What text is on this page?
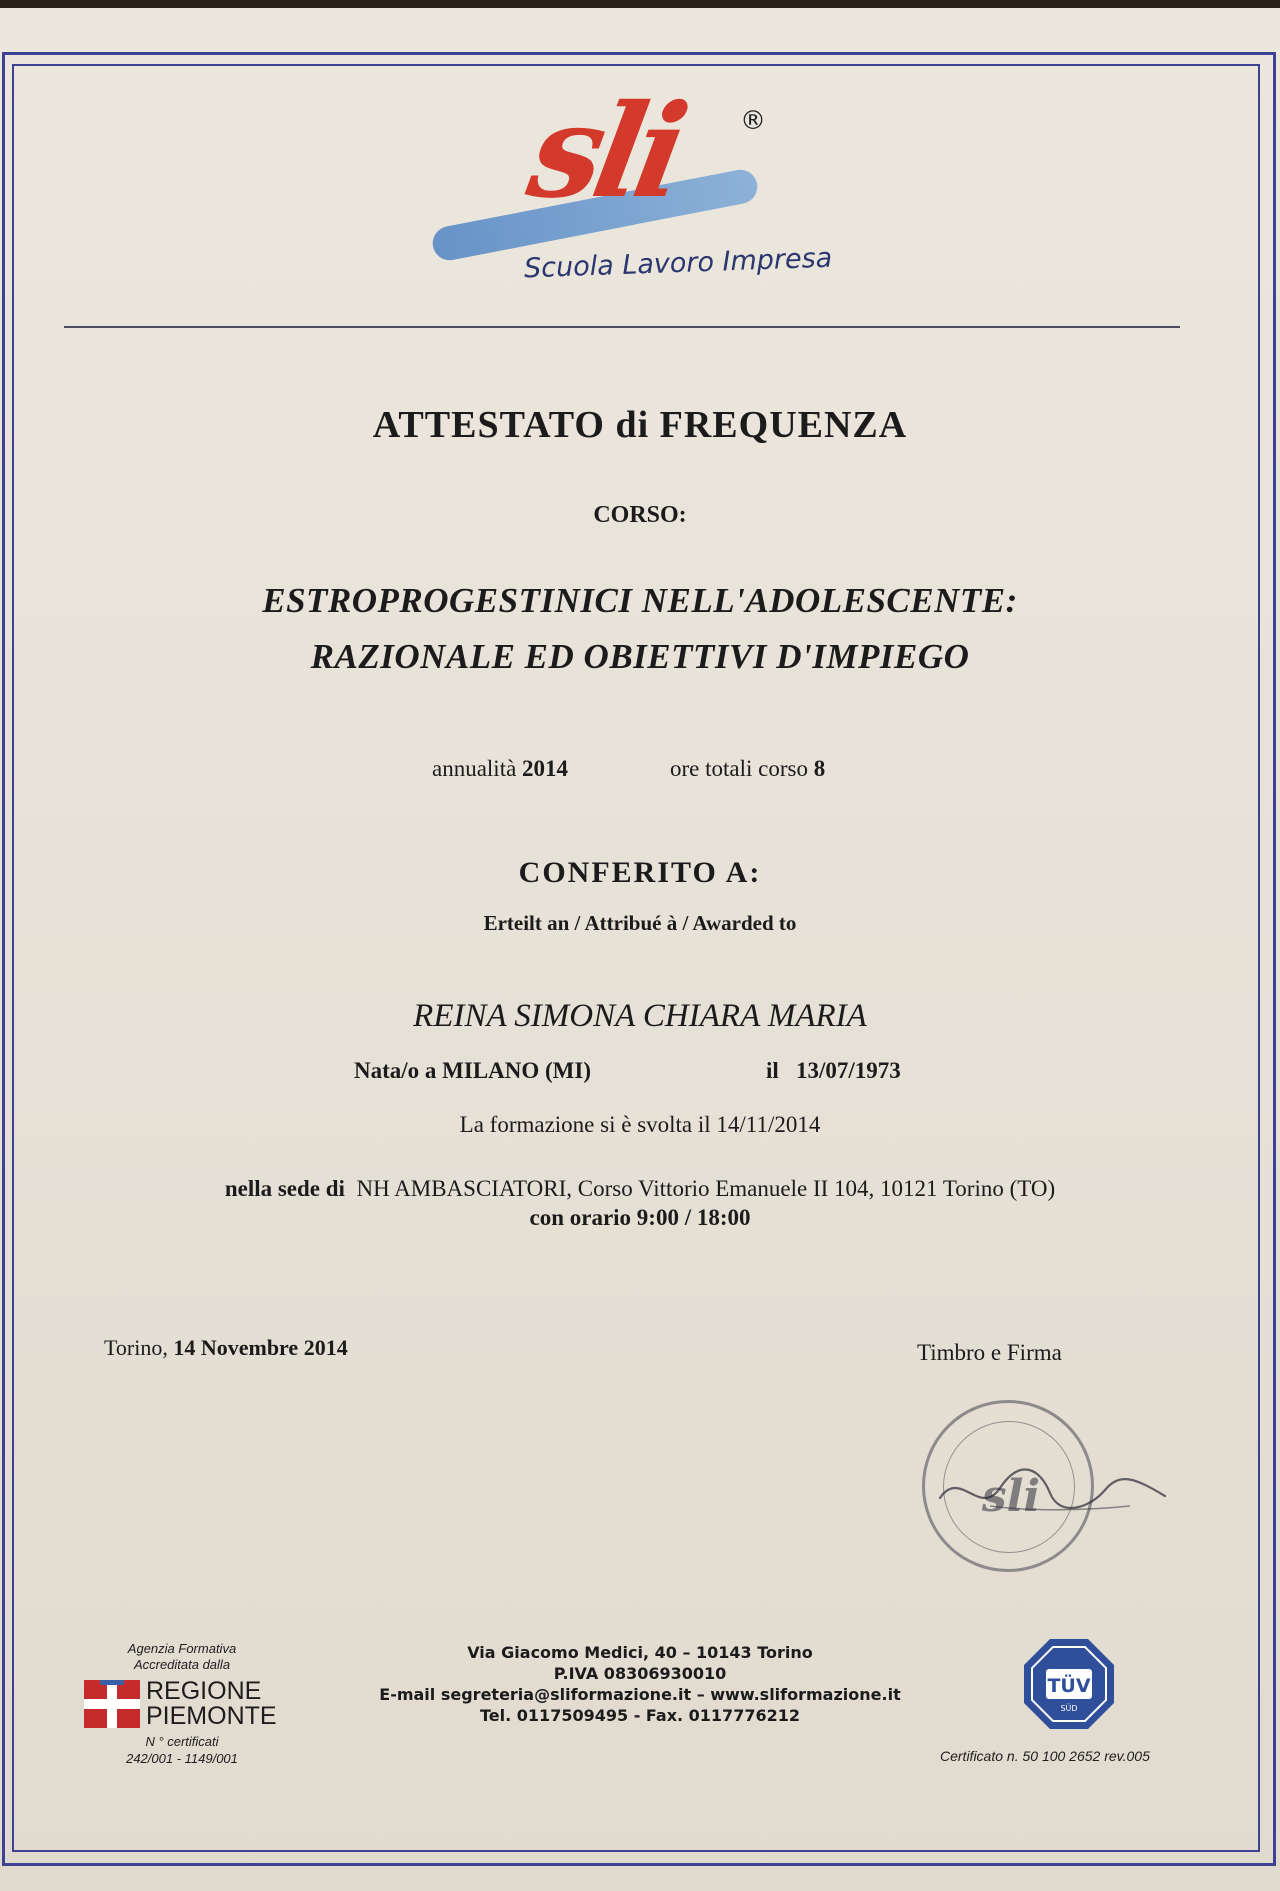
sli ®
Scuola Lavoro Impresa
ATTESTATO di FREQUENZA
CORSO:
ESTROPROGESTINICI NELL'ADOLESCENTE:
RAZIONALE ED OBIETTIVI D'IMPIEGO
annualità 2014	ore totali corso 8
CONFERITO A:
Erteilt an / Attribué à / Awarded to
REINA SIMONA CHIARA MARIA
Nata/o a MILANO (MI)	il 13/07/1973
La formazione si è svolta il 14/11/2014
nella sede di NH AMBASCIATORI, Corso Vittorio Emanuele II 104, 10121 Torino (TO)
con orario 9:00 / 18:00
Torino, 14 Novembre 2014	Timbro e Firma
sli
Agenzia Formativa
Accreditata dalla
REGIONE
PIEMONTE
N ° certificati
242/001 - 1149/001
Via Giacomo Medici, 40 – 10143 Torino
P.IVA 08306930010
E-mail segreteria@sliformazione.it – www.sliformazione.it
Tel. 0117509495 - Fax. 0117776212
TÜV
SÜD
Certificato n. 50 100 2652 rev.005
